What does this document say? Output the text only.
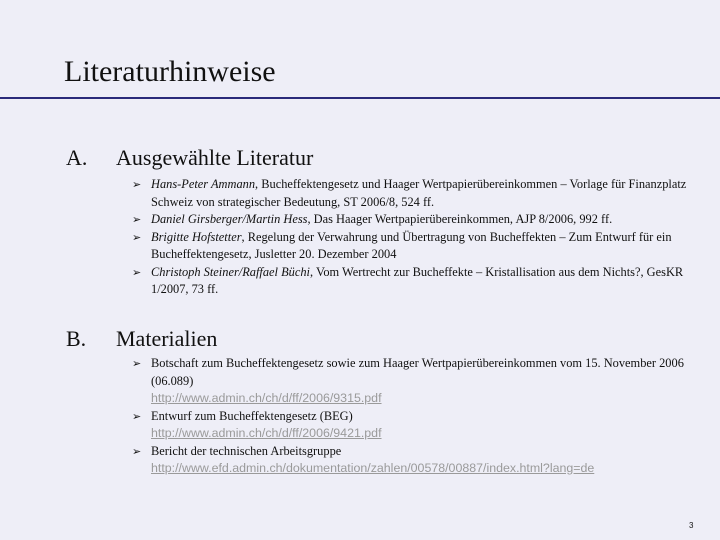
Literaturhinweise
A. Ausgewählte Literatur
➢ Hans-Peter Ammann, Bucheffektengesetz und Haager Wertpapierübereinkommen – Vorlage für Finanzplatz Schweiz von strategischer Bedeutung, ST 2006/8, 524 ff.
➢ Daniel Girsberger/Martin Hess, Das Haager Wertpapierübereinkommen, AJP 8/2006, 992 ff.
➢ Brigitte Hofstetter, Regelung der Verwahrung und Übertragung von Bucheffekten – Zum Entwurf für ein Bucheffektengesetz, Jusletter 20. Dezember 2004
➢ Christoph Steiner/Raffael Büchi, Vom Wertrecht zur Bucheffekte – Kristallisation aus dem Nichts?, GesKR 1/2007, 73 ff.
B. Materialien
➢ Botschaft zum Bucheffektengesetz sowie zum Haager Wertpapierübereinkommen vom 15. November 2006 (06.089)
http://www.admin.ch/ch/d/ff/2006/9315.pdf
➢ Entwurf zum Bucheffektengesetz (BEG)
http://www.admin.ch/ch/d/ff/2006/9421.pdf
➢ Bericht der technischen Arbeitsgruppe
http://www.efd.admin.ch/dokumentation/zahlen/00578/00887/index.html?lang=de
3
